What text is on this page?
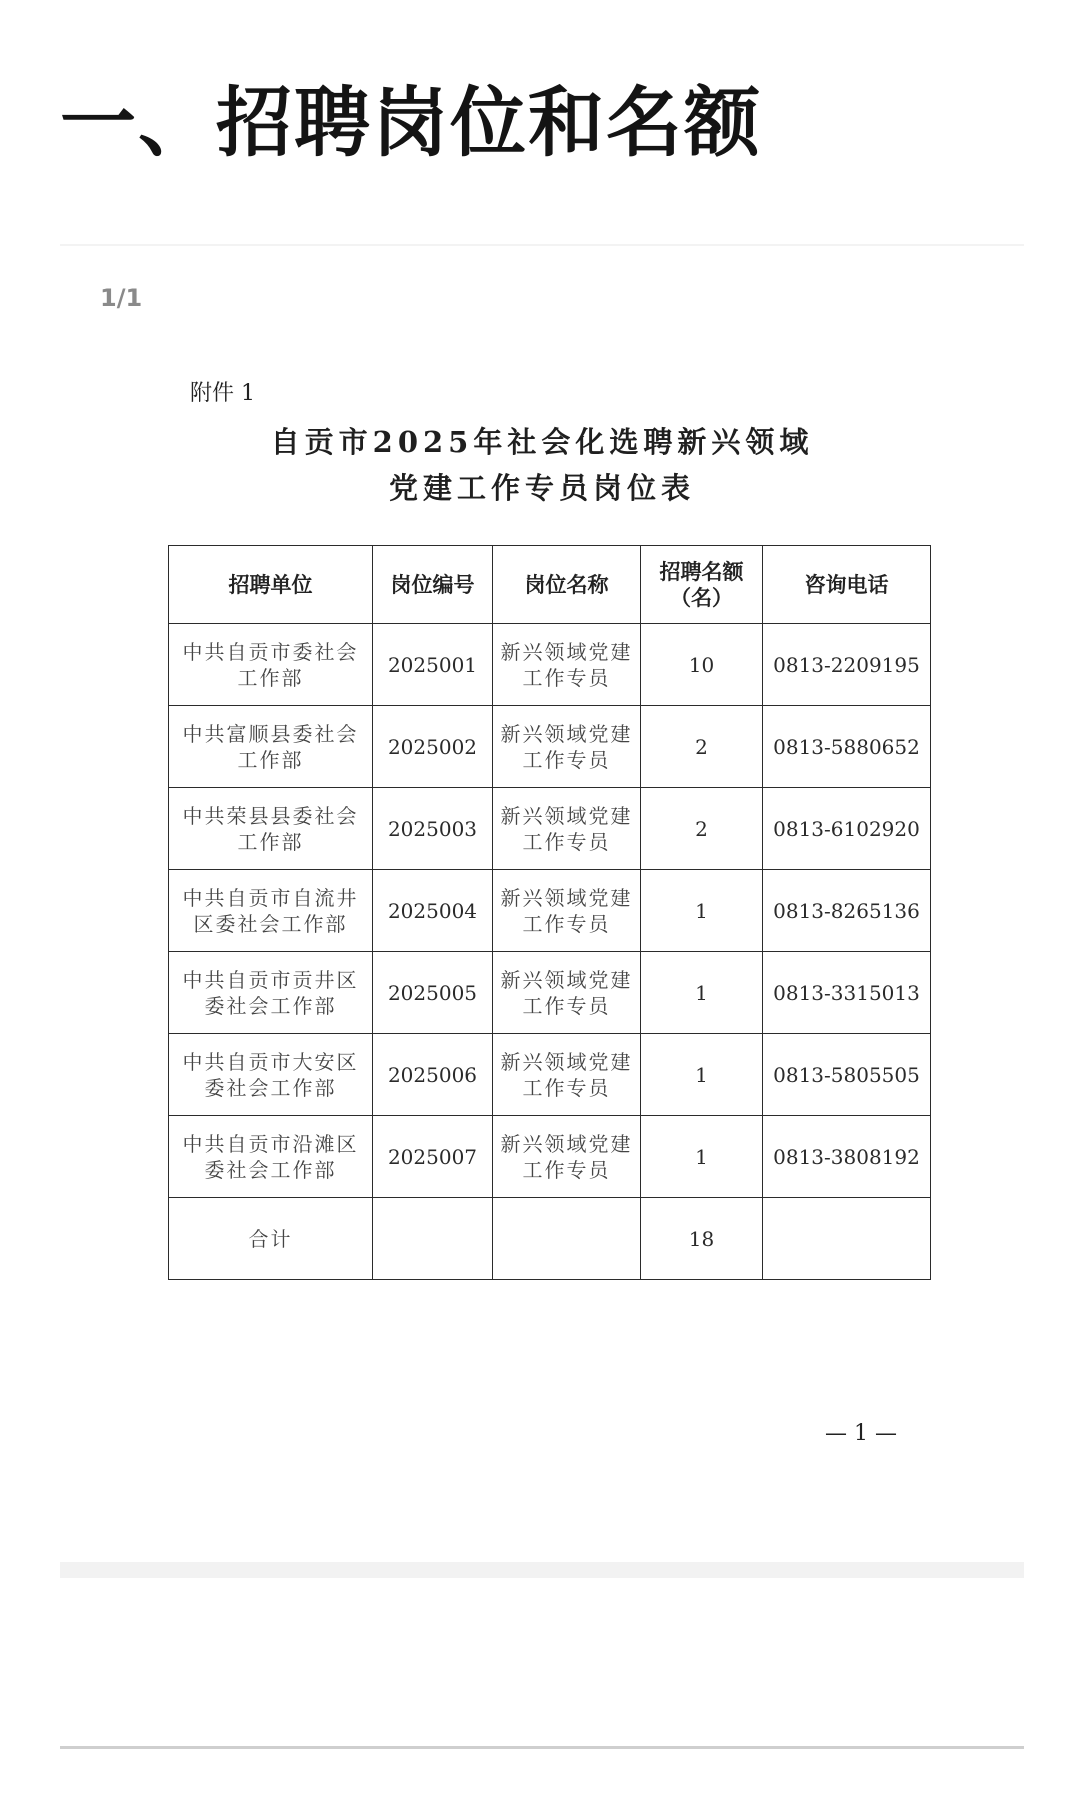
一、招聘岗位和名额
1/1
附件 1
自贡市2025年社会化选聘新兴领域
党建工作专员岗位表
招聘单位	岗位编号	岗位名称	招聘名额（名）	咨询电话
中共自贡市委社会工作部	2025001	新兴领域党建工作专员	10	0813-2209195
中共富顺县委社会工作部	2025002	新兴领域党建工作专员	2	0813-5880652
中共荣县县委社会工作部	2025003	新兴领域党建工作专员	2	0813-6102920
中共自贡市自流井区委社会工作部	2025004	新兴领域党建工作专员	1	0813-8265136
中共自贡市贡井区委社会工作部	2025005	新兴领域党建工作专员	1	0813-3315013
中共自贡市大安区委社会工作部	2025006	新兴领域党建工作专员	1	0813-5805505
中共自贡市沿滩区委社会工作部	2025007	新兴领域党建工作专员	1	0813-3808192
合计			18	
— 1 —
